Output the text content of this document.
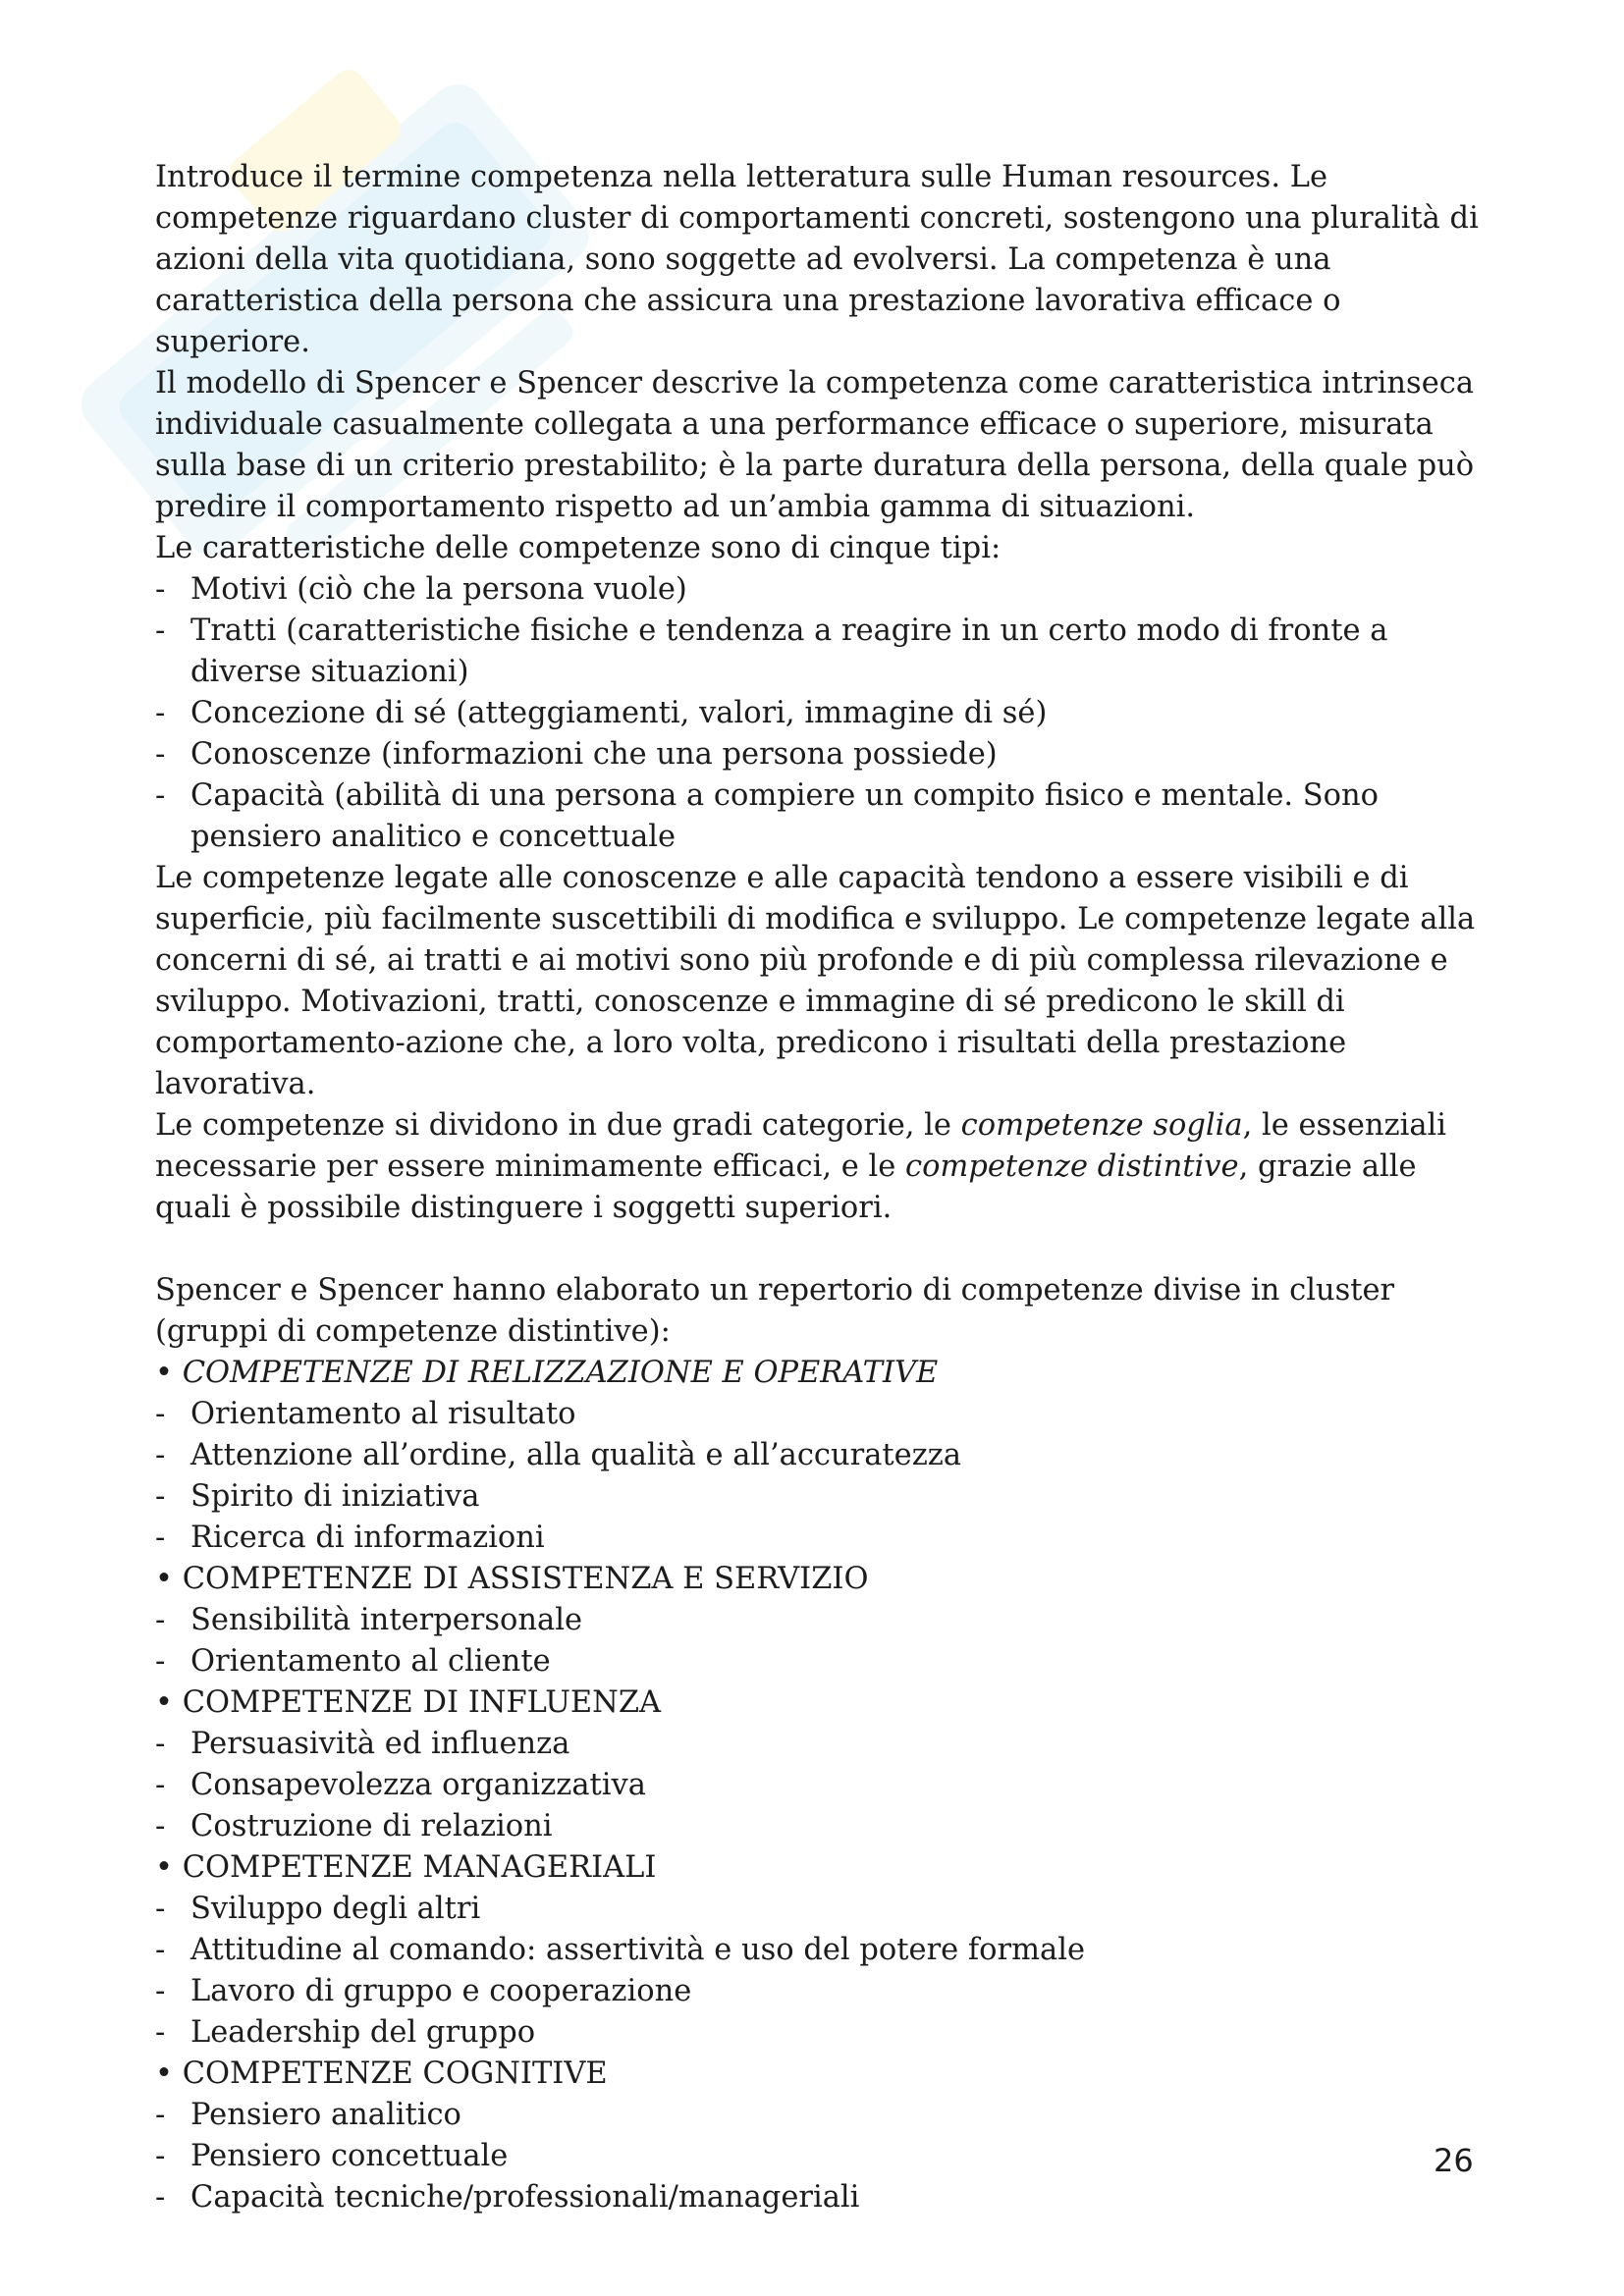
Introduce il termine competenza nella letteratura sulle Human resources. Le competenze riguardano cluster di comportamenti concreti, sostengono una pluralità di azioni della vita quotidiana, sono soggette ad evolversi. La competenza è una caratteristica della persona che assicura una prestazione lavorativa efficace o superiore.

Il modello di Spencer e Spencer descrive la competenza come caratteristica intrinseca individuale casualmente collegata a una performance efficace o superiore, misurata sulla base di un criterio prestabilito; è la parte duratura della persona, della quale può predire il comportamento rispetto ad un’ambia gamma di situazioni.

Le caratteristiche delle competenze sono di cinque tipi:

- Motivi (ciò che la persona vuole)
- Tratti (caratteristiche fisiche e tendenza a reagire in un certo modo di fronte a diverse situazioni)
- Concezione di sé (atteggiamenti, valori, immagine di sé)
- Conoscenze (informazioni che una persona possiede)
- Capacità (abilità di una persona a compiere un compito fisico e mentale. Sono pensiero analitico e concettuale

Le competenze legate alle conoscenze e alle capacità tendono a essere visibili e di superficie, più facilmente suscettibili di modifica e sviluppo. Le competenze legate alla concerni di sé, ai tratti e ai motivi sono più profonde e di più complessa rilevazione e sviluppo. Motivazioni, tratti, conoscenze e immagine di sé predicono le skill di comportamento-azione che, a loro volta, predicono i risultati della prestazione lavorativa.

Le competenze si dividono in due gradi categorie, le competenze soglia, le essenziali necessarie per essere minimamente efficaci, e le competenze distintive, grazie alle quali è possibile distinguere i soggetti superiori.

Spencer e Spencer hanno elaborato un repertorio di competenze divise in cluster (gruppi di competenze distintive):

• COMPETENZE DI RELIZZAZIONE E OPERATIVE

- Orientamento al risultato
- Attenzione all’ordine, alla qualità e all’accuratezza
- Spirito di iniziativa
- Ricerca di informazioni

• COMPETENZE DI ASSISTENZA E SERVIZIO

- Sensibilità interpersonale
- Orientamento al cliente

• COMPETENZE DI INFLUENZA

- Persuasività ed influenza
- Consapevolezza organizzativa
- Costruzione di relazioni

• COMPETENZE MANAGERIALI

- Sviluppo degli altri
- Attitudine al comando: assertività e uso del potere formale
- Lavoro di gruppo e cooperazione
- Leadership del gruppo

• COMPETENZE COGNITIVE

- Pensiero analitico
- Pensiero concettuale
- Capacità tecniche/professionali/manageriali
26
